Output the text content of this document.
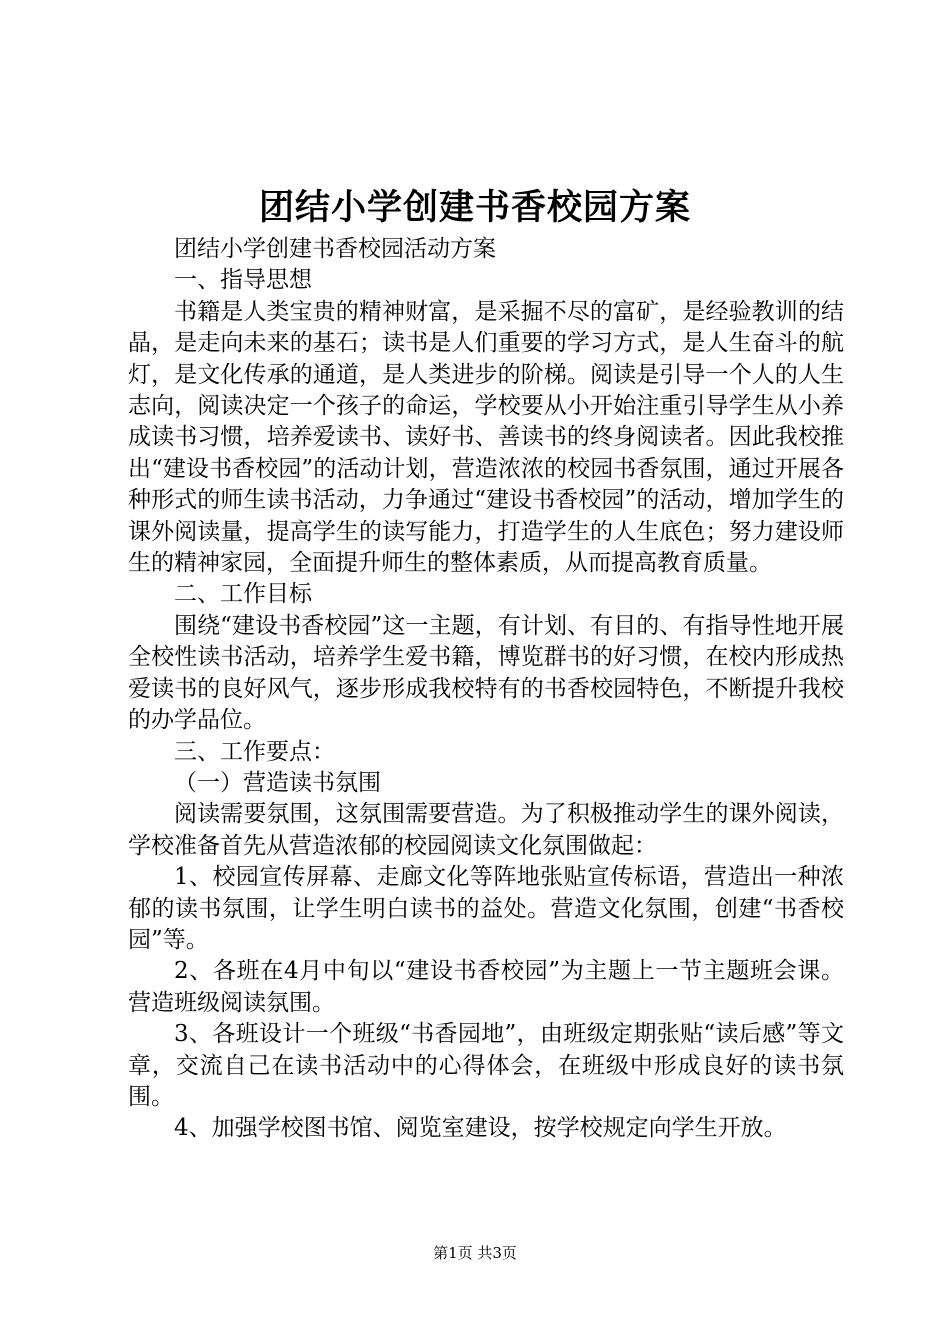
团结小学创建书香校园方案

团结小学创建书香校园活动方案

一、指导思想

书籍是人类宝贵的精神财富，是采掘不尽的富矿，是经验教训的结晶，是走向未来的基石；读书是人们重要的学习方式，是人生奋斗的航灯，是文化传承的通道，是人类进步的阶梯。阅读是引导一个人的人生志向，阅读决定一个孩子的命运，学校要从小开始注重引导学生从小养成读书习惯，培养爱读书、读好书、善读书的终身阅读者。因此我校推出“建设书香校园”的活动计划，营造浓浓的校园书香氛围，通过开展各种形式的师生读书活动，力争通过“建设书香校园”的活动，增加学生的课外阅读量，提高学生的读写能力，打造学生的人生底色；努力建设师生的精神家园，全面提升师生的整体素质，从而提高教育质量。

二、工作目标

围绕“建设书香校园”这一主题，有计划、有目的、有指导性地开展全校性读书活动，培养学生爱书籍，博览群书的好习惯，在校内形成热爱读书的良好风气，逐步形成我校特有的书香校园特色，不断提升我校的办学品位。

三、工作要点：

（一）营造读书氛围

阅读需要氛围，这氛围需要营造。为了积极推动学生的课外阅读，学校准备首先从营造浓郁的校园阅读文化氛围做起：

1、校园宣传屏幕、走廊文化等阵地张贴宣传标语，营造出一种浓郁的读书氛围，让学生明白读书的益处。营造文化氛围，创建“书香校园”等。

2、各班在4月中旬以“建设书香校园”为主题上一节主题班会课。营造班级阅读氛围。

3、各班设计一个班级“书香园地”，由班级定期张贴“读后感”等文章，交流自己在读书活动中的心得体会，在班级中形成良好的读书氛围。

4、加强学校图书馆、阅览室建设，按学校规定向学生开放。

第1页 共3页
